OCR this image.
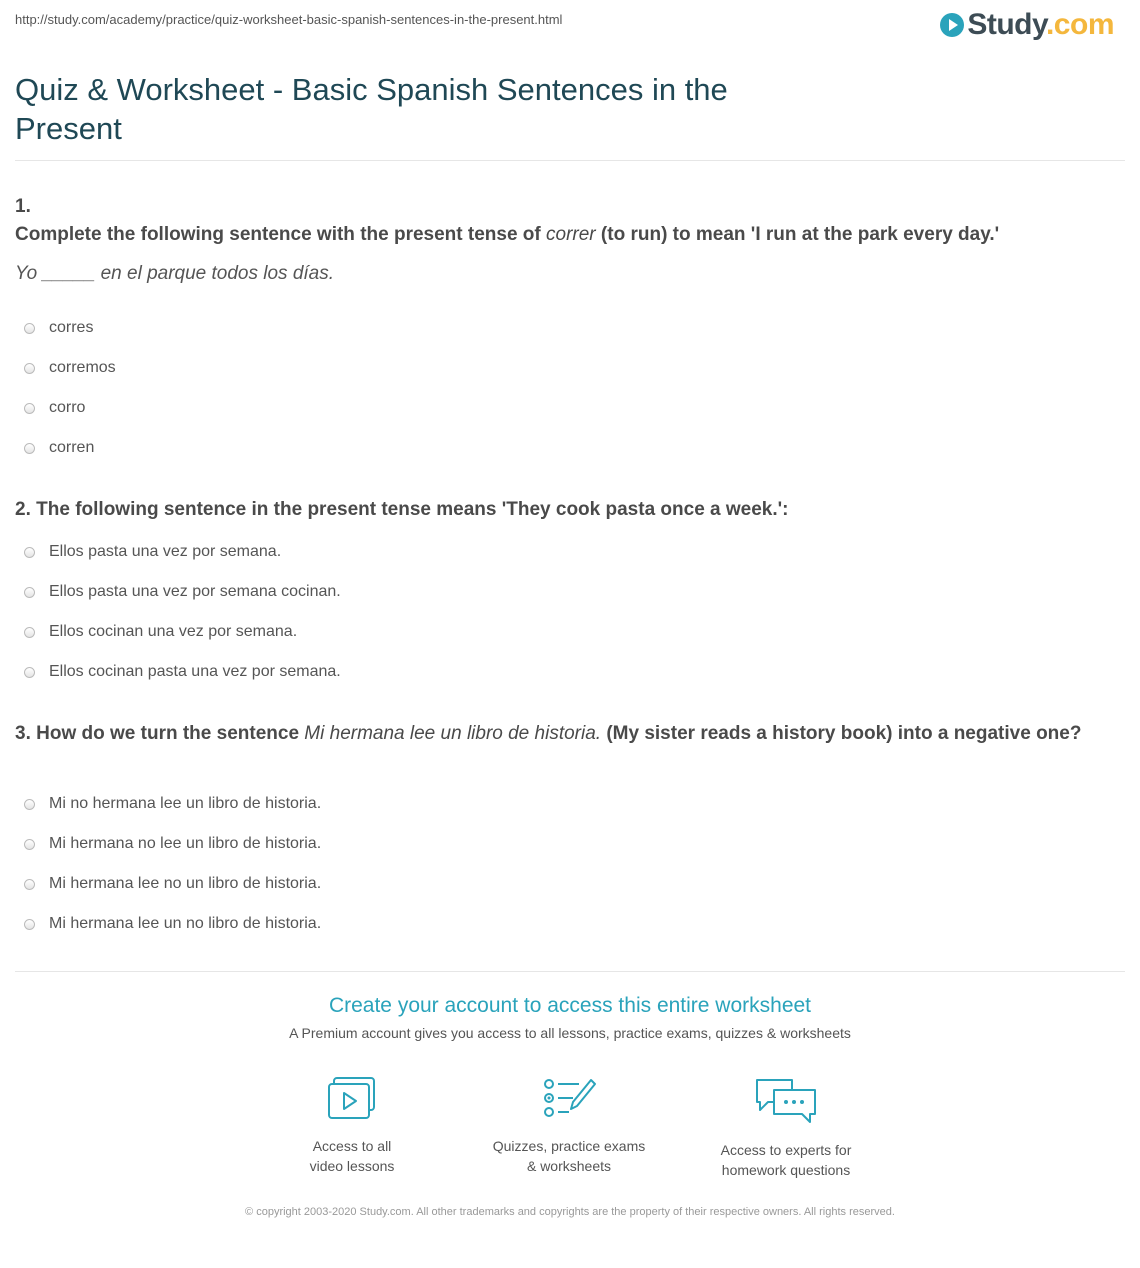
http://study.com/academy/practice/quiz-worksheet-basic-spanish-sentences-in-the-present.html	Study.com
Quiz & Worksheet - Basic Spanish Sentences in the Present
1.
Complete the following sentence with the present tense of correr (to run) to mean 'I run at the park every day.'
Yo _____ en el parque todos los días.
corres
corremos
corro
corren
2. The following sentence in the present tense means 'They cook pasta once a week.':
Ellos pasta una vez por semana.
Ellos pasta una vez por semana cocinan.
Ellos cocinan una vez por semana.
Ellos cocinan pasta una vez por semana.
3. How do we turn the sentence Mi hermana lee un libro de historia. (My sister reads a history book) into a negative one?
Mi no hermana lee un libro de historia.
Mi hermana no lee un libro de historia.
Mi hermana lee no un libro de historia.
Mi hermana lee un no libro de historia.
Create your account to access this entire worksheet
A Premium account gives you access to all lessons, practice exams, quizzes & worksheets
Access to all
video lessons
Quizzes, practice exams
& worksheets
Access to experts for
homework questions
© copyright 2003-2020 Study.com. All other trademarks and copyrights are the property of their respective owners. All rights reserved.
